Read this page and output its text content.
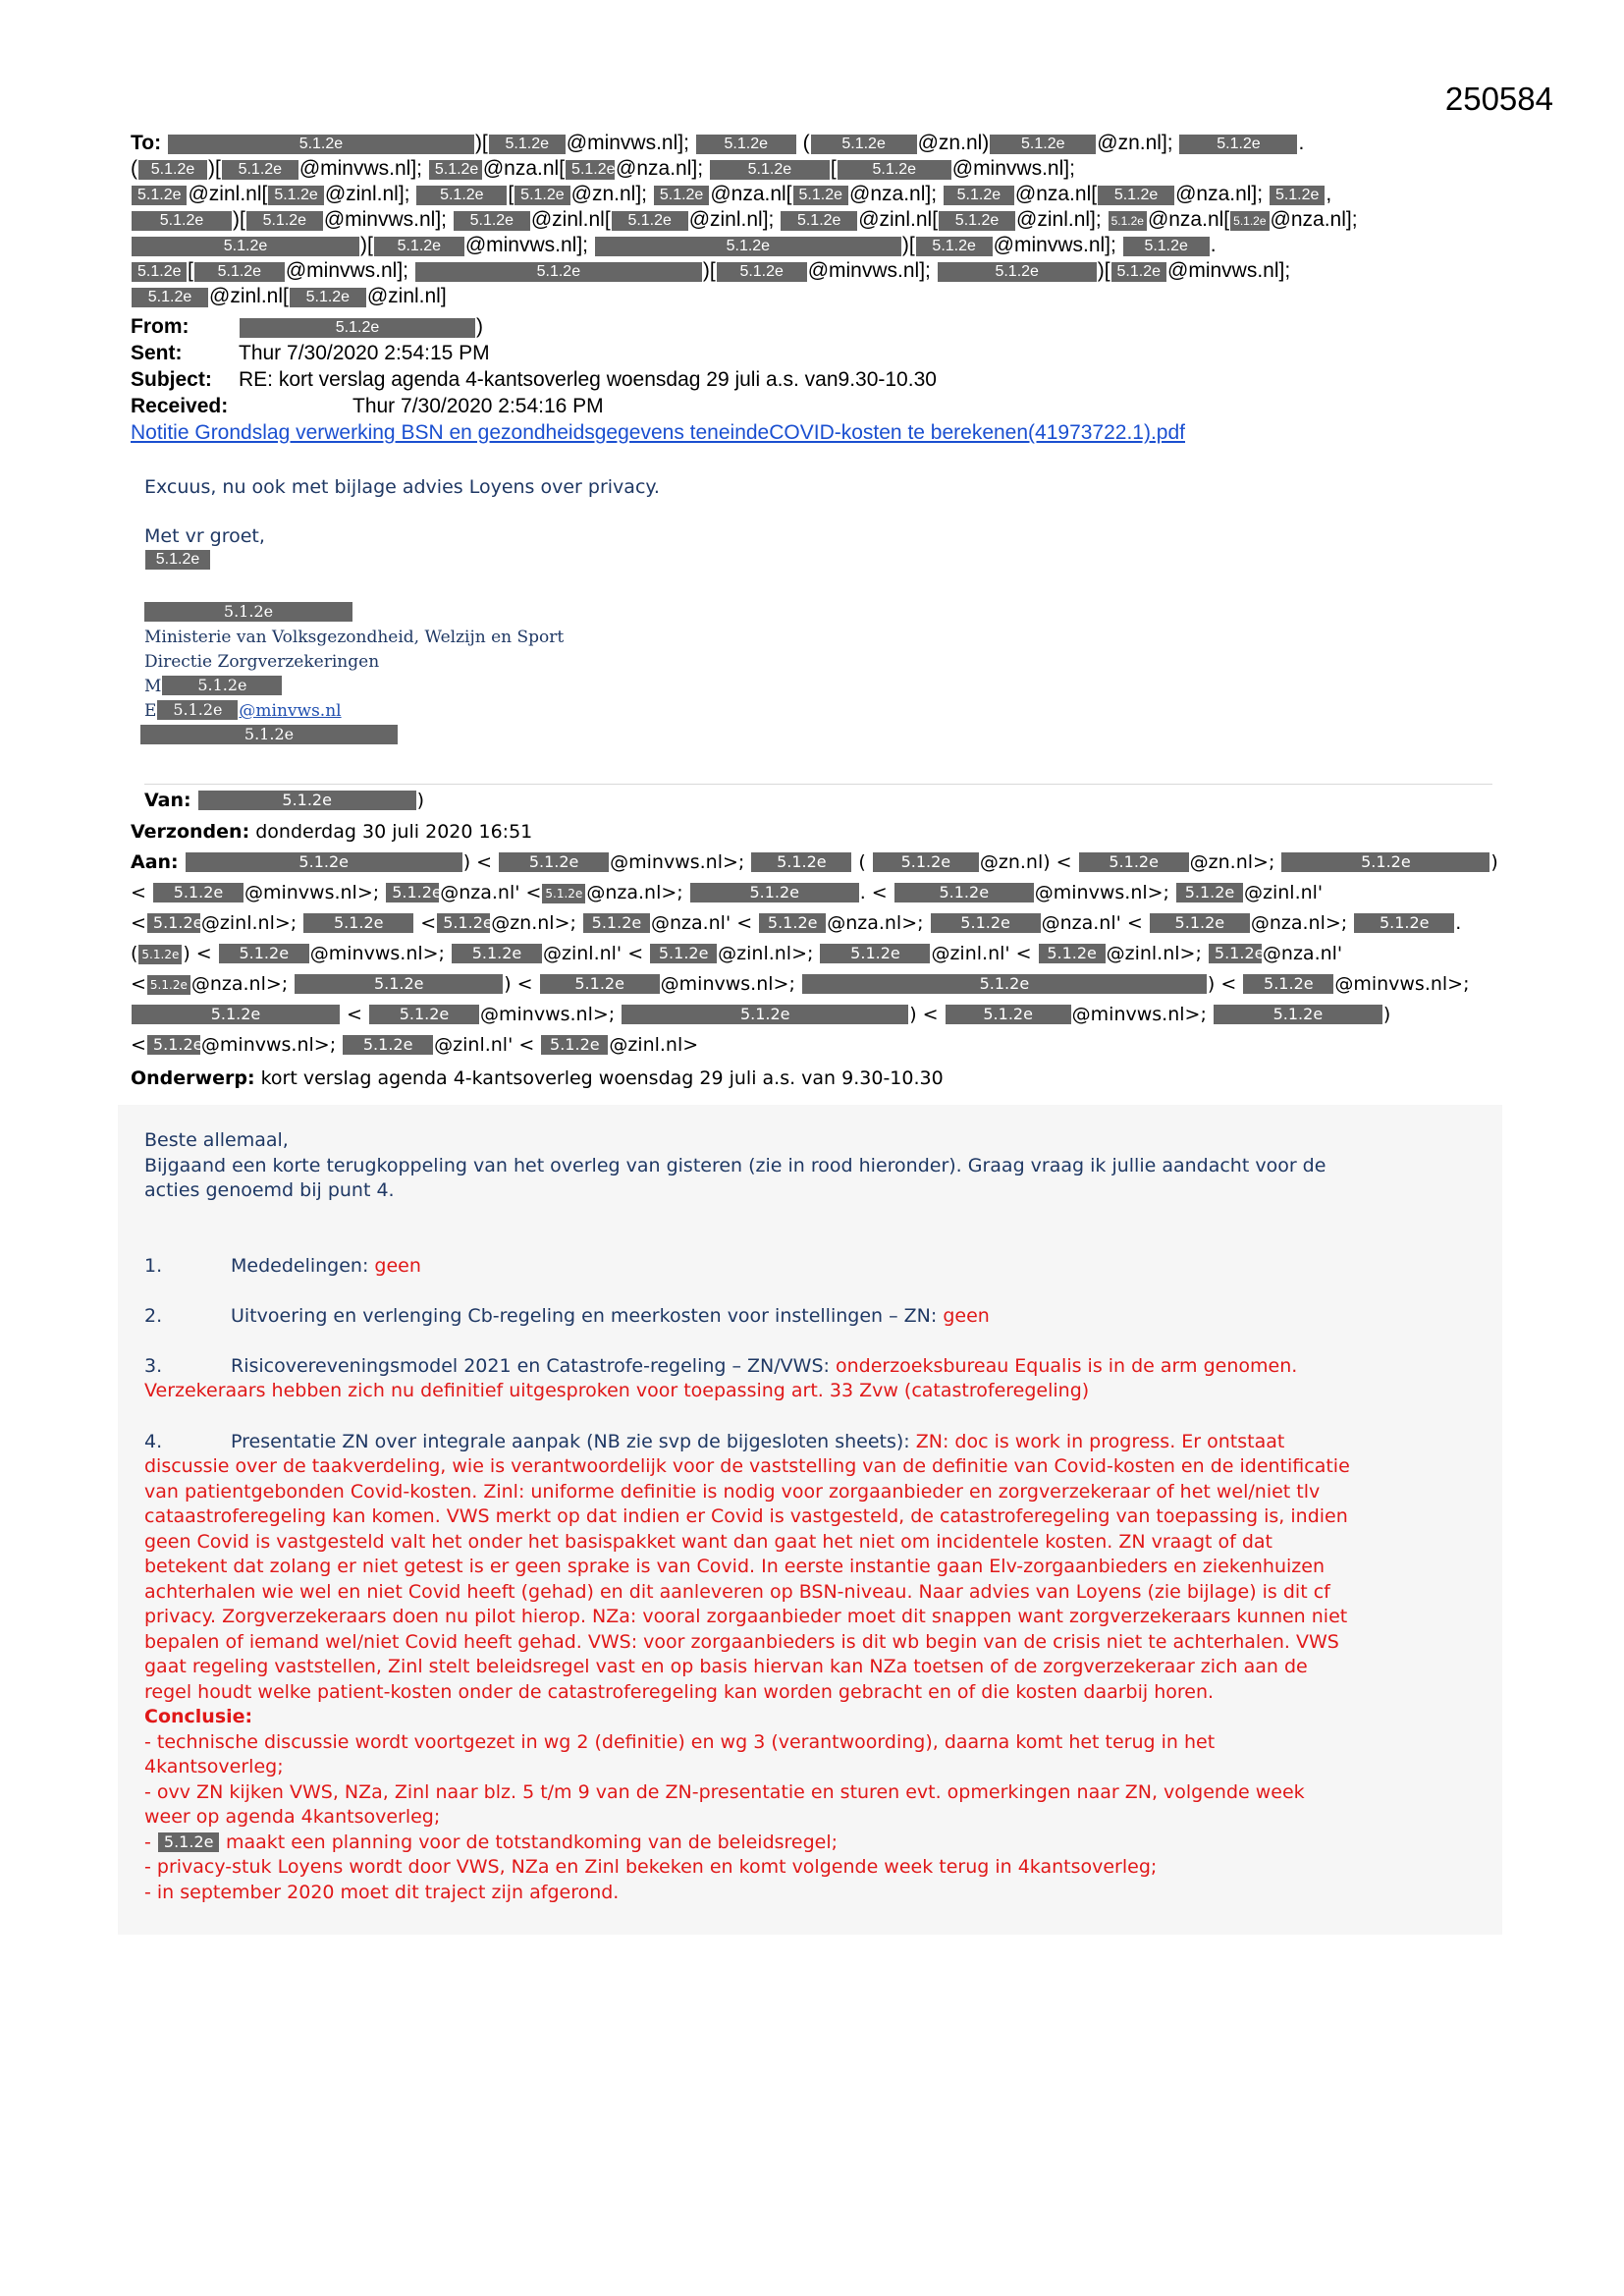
250584
To:	5.1.2e	)[ 5.1.2e @minvws.nl]; 5.1.2e ( 5.1.2e @zn.nl) 5.1.2e @zn.nl]; 5.1.2e .
( 5.1.2e )[ 5.1.2e @minvws.nl]; 5.1.2e @nza.nl[ 5.1.2e@nza.nl]; 5.1.2e [ 5.1.2e @minvws.nl];
5.1.2e @zinl.nl[ 5.1.2e @zinl.nl]; 5.1.2e [ 5.1.2e @zn.nl]; 5.1.2e @nza.nl[ 5.1.2e @nza.nl]; 5.1.2e @nza.nl[ 5.1.2e @nza.nl]; 5.1.2e ,
5.1.2e )[ 5.1.2e @minvws.nl]; 5.1.2e @zinl.nl[ 5.1.2e @zinl.nl]; 5.1.2e @zinl.nl[ 5.1.2e @zinl.nl]; 5.1.2e @nza.nl[ 5.1.2e @nza.nl];
5.1.2e	)[ 5.1.2e @minvws.nl];	5.1.2e	)[ 5.1.2e @minvws.nl]; 5.1.2e .
5.1.2e [ 5.1.2e @minvws.nl];	5.1.2e	)[ 5.1.2e @minvws.nl];	5.1.2e	)[ 5.1.2e @minvws.nl];
5.1.2e @zinl.nl[ 5.1.2e @zinl.nl]
From:	5.1.2e	)
Sent:	Thur 7/30/2020 2:54:15 PM
Subject: RE: kort verslag agenda 4-kantsoverleg woensdag 29 juli a.s. van9.30-10.30
Received:	Thur 7/30/2020 2:54:16 PM
Notitie Grondslag verwerking BSN en gezondheidsgegevens teneindeCOVID-kosten te berekenen(41973722.1).pdf
Excuus, nu ook met bijlage advies Loyens over privacy.
Met vr groet,
5.1.2e
5.1.2e
Ministerie van Volksgezondheid, Welzijn en Sport
Directie Zorgverzekeringen
M 5.1.2e
E 5.1.2e @minvws.nl
5.1.2e
Van:	5.1.2e	)
Verzonden: donderdag 30 juli 2020 16:51
Aan:	5.1.2e	) < 5.1.2e @minvws.nl>; 5.1.2e ( 5.1.2e @zn.nl) < 5.1.2e @zn.nl>;	5.1.2e	)
< 5.1.2e @minvws.nl>; 5.1.2e@nza.nl' < 5.1.2e @nza.nl>;	5.1.2e	. <	5.1.2e @minvws.nl>; 5.1.2e @zinl.nl'
< 5.1.2e@zinl.nl>; 5.1.2e < 5.1.2e@zn.nl>; 5.1.2e @nza.nl' < 5.1.2e @nza.nl>; 5.1.2e @nza.nl' < 5.1.2e @nza.nl>; 5.1.2e .
( 5.1.2e ) < 5.1.2e @minvws.nl>; 5.1.2e @zinl.nl' < 5.1.2e @zinl.nl>; 5.1.2e @zinl.nl' < 5.1.2e @zinl.nl>; 5.1.2e@nza.nl'
< 5.1.2e @nza.nl>;	5.1.2e	) < 5.1.2e @minvws.nl>;	5.1.2e	) < 5.1.2e @minvws.nl>;
5.1.2e	< 5.1.2e @minvws.nl>;	5.1.2e	) < 5.1.2e @minvws.nl>;	5.1.2e	)
< 5.1.2e@minvws.nl>; 5.1.2e @zinl.nl' < 5.1.2e @zinl.nl>
Onderwerp: kort verslag agenda 4-kantsoverleg woensdag 29 juli a.s. van 9.30-10.30
Beste allemaal,
Bijgaand een korte terugkoppeling van het overleg van gisteren (zie in rood hieronder). Graag vraag ik jullie aandacht voor de
acties genoemd bij punt 4.
1.	Mededelingen: geen
2.	Uitvoering en verlenging Cb-regeling en meerkosten voor instellingen – ZN: geen
3.	Risicovereveningsmodel 2021 en Catastrofe-regeling – ZN/VWS: onderzoeksbureau Equalis is in de arm genomen.
Verzekeraars hebben zich nu definitief uitgesproken voor toepassing art. 33 Zvw (catastroferegeling)
4.	Presentatie ZN over integrale aanpak (NB zie svp de bijgesloten sheets): ZN: doc is work in progress. Er ontstaat
discussie over de taakverdeling, wie is verantwoordelijk voor de vaststelling van de definitie van Covid-kosten en de identificatie
van patientgebonden Covid-kosten. Zinl: uniforme definitie is nodig voor zorgaanbieder en zorgverzekeraar of het wel/niet tlv
cataastroferegeling kan komen. VWS merkt op dat indien er Covid is vastgesteld, de catastroferegeling van toepassing is, indien
geen Covid is vastgesteld valt het onder het basispakket want dan gaat het niet om incidentele kosten. ZN vraagt of dat
betekent dat zolang er niet getest is er geen sprake is van Covid. In eerste instantie gaan Elv-zorgaanbieders en ziekenhuizen
achterhalen wie wel en niet Covid heeft (gehad) en dit aanleveren op BSN-niveau. Naar advies van Loyens (zie bijlage) is dit cf
privacy. Zorgverzekeraars doen nu pilot hierop. NZa: vooral zorgaanbieder moet dit snappen want zorgverzekeraars kunnen niet
bepalen of iemand wel/niet Covid heeft gehad. VWS: voor zorgaanbieders is dit wb begin van de crisis niet te achterhalen. VWS
gaat regeling vaststellen, Zinl stelt beleidsregel vast en op basis hiervan kan NZa toetsen of de zorgverzekeraar zich aan de
regel houdt welke patient-kosten onder de catastroferegeling kan worden gebracht en of die kosten daarbij horen.
Conclusie:
- technische discussie wordt voortgezet in wg 2 (definitie) en wg 3 (verantwoording), daarna komt het terug in het
4kantsoverleg;
- ovv ZN kijken VWS, NZa, Zinl naar blz. 5 t/m 9 van de ZN-presentatie en sturen evt. opmerkingen naar ZN, volgende week
weer op agenda 4kantsoverleg;
- 5.1.2e maakt een planning voor de totstandkoming van de beleidsregel;
- privacy-stuk Loyens wordt door VWS, NZa en Zinl bekeken en komt volgende week terug in 4kantsoverleg;
- in september 2020 moet dit traject zijn afgerond.
